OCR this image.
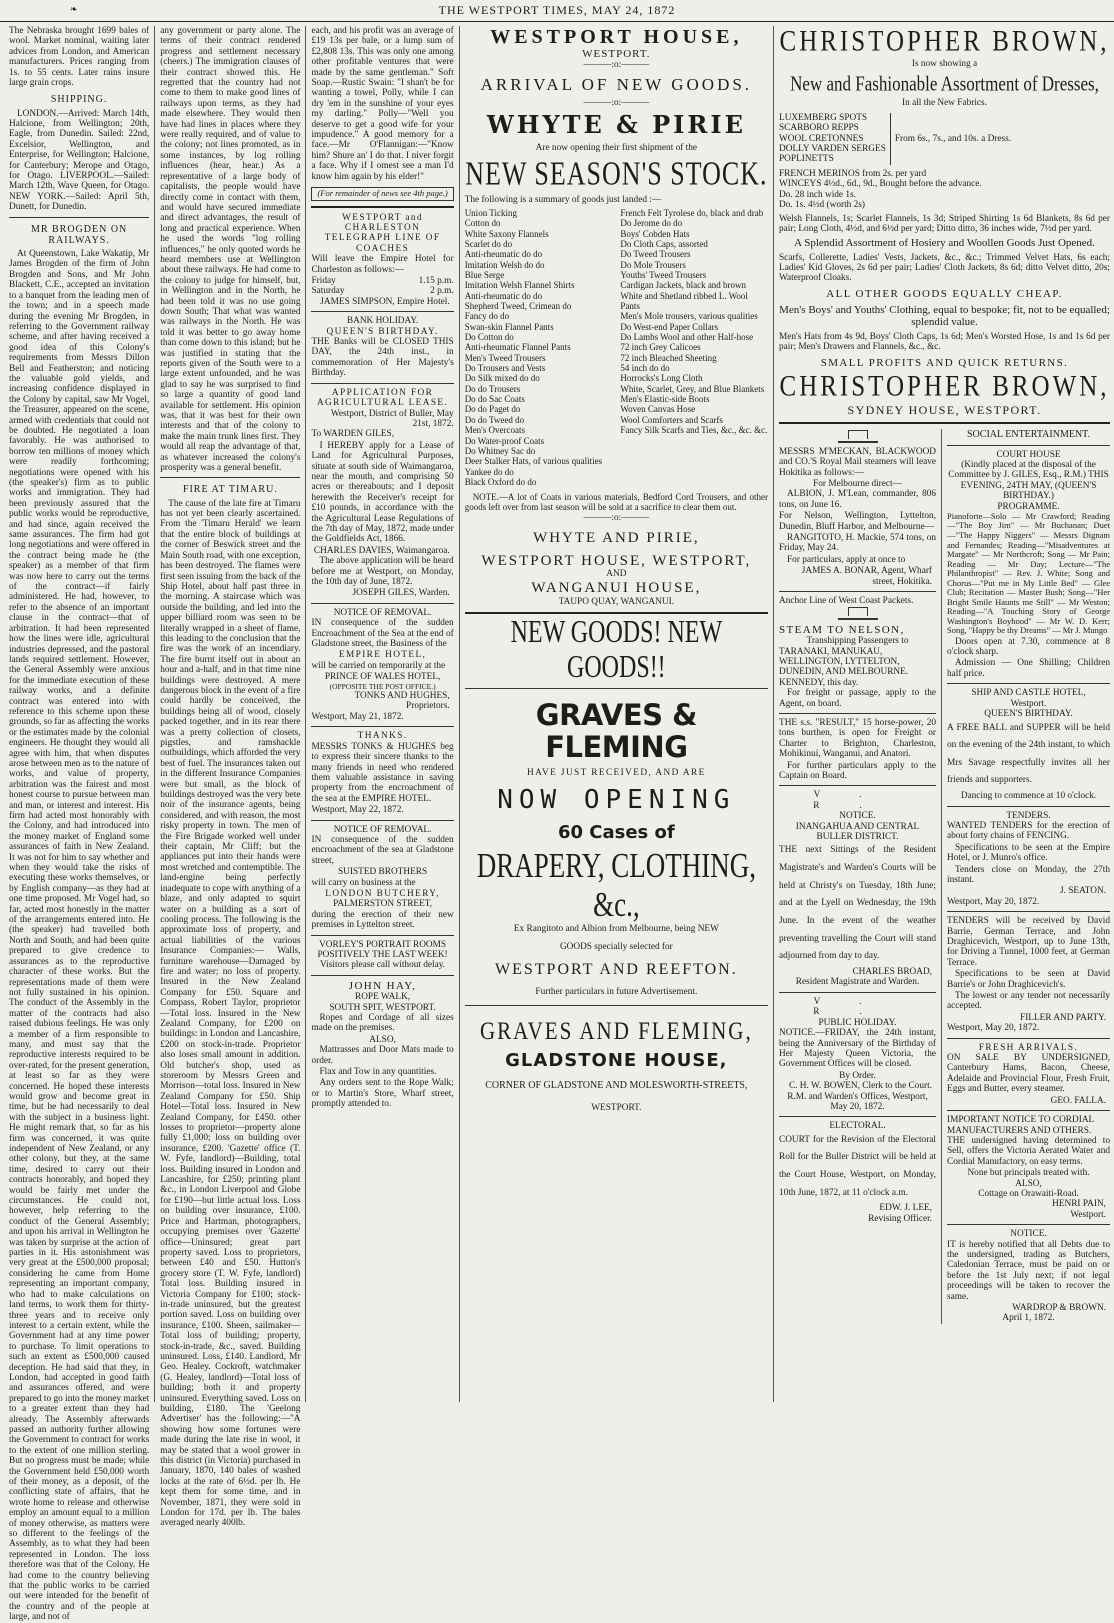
❧	THE WESTPORT TIMES, MAY 24, 1872

The Nebraska brought 1699 bales of wool. Market nominal, waiting later advices from London, and American manufacturers. Prices ranging from 1s. to 55 cents. Later rains insure large grain crops.

SHIPPING.

LONDON.—Arrived: March 14th, Halcione, from Wellington; 20th, Eagle, from Dunedin. Sailed: 22nd, Excelsior, Wellington, and Enterprise, for Wellington; Halcione, for Canterbury; Merope and Otago, for Otago. LIVERPOOL.—Sailed: March 12th, Wave Queen, for Otago. NEW YORK.—Sailed: April 5th, Dunett, for Dunedin.

MR BROGDEN ON RAILWAYS.

At Queenstown, Lake Wakatip, Mr James Brogden of the firm of John Brogden and Sons, and Mr John Blackett, C.E., accepted an invitation to a banquet from the leading men of the town; and in a speech made during the evening Mr Brogden, in referring to the Government railway scheme, and after having received a good idea of this Colony's requirements from Messrs Dillon Bell and Featherston; and noticing the valuable gold yields, and increasing confidence displayed in the Colony by capital, saw Mr Vogel, the Treasurer, appeared on the scene, armed with credentials that could not be doubted. He negotiated a loan favorably. He was authorised to borrow ten millions of money which were readily forthcoming; negotiations were opened with his (the speaker's) firm as to public works and immigration. They had been previously assured that the public works would be reproductive, and had since, again received the same assurances. The firm had got long negotiations and were offered in the contract being made he (the speaker) as a member of that firm was now here to carry out the terms of the contract—if fairly administered. He had, however, to refer to the absence of an important clause in the contract—that of arbitration. It had been represented how the lines were idle, agricultural industries depressed, and the pastoral lands required settlement. However, the General Assembly were anxious for the immediate execution of these railway works, and a definite contract was entered into with reference to this scheme upon these grounds, so far as affecting the works or the estimates made by the colonial engineers. He thought they would all agree with him, that when disputes arose between men as to the nature of works, and value of property, arbitration was the fairest and most honest course to pursue between man and man, or interest and interest. His firm had acted most honorably with the Colony, and had introduced into the money market of England some assurances of faith in New Zealand. It was not for him to say whether and when they would take the risks of executing these works themselves, or by English company—as they had at one time proposed. Mr Vogel had, so far, acted most honestly in the matter of the arrangements entered into. He (the speaker) had travelled both North and South, and had been quite prepared to give credence to assurances as to the reproductive character of these works. But the representations made of them were not fully sustained in his opinion. The conduct of the Assembly in the matter of the contracts had also raised dubious feelings. He was only a member of a firm responsible to many, and must say that the reproductive interests required to be over-rated, for the present generation, at least so far as they were concerned. He hoped these interests would grow and become great in time, but he had necessarily to deal with the subject in a business light. He might remark that, so far as his firm was concerned, it was quite independent of New Zealand, or any other colony, but they, at the same time, desired to carry out their contracts honorably, and hoped they would be fairly met under the circumstances. He could not, however, help referring to the conduct of the General Assembly; and upon his arrival in Wellington he was taken by surprise at the action of parties in it. His astonishment was very great at the £500,000 proposal; considering he came from Home representing an important company, who had to make calculations on land terms, to work them for thirty-three years and to receive only interest to a certain extent, while the Government had at any time power to purchase. To limit operations to such an extent as £500,000 caused deception. He had said that they, in London, had accepted in good faith and assurances offered, and were prepared to go into the money market to a greater extent than they had already. The Assembly afterwards passed an authority further allowing the Government to contract for works to the extent of one million sterling. But no progress must be made; while the Government held £50,000 worth of their money, as a deposit, of the conflicting state of affairs, that he wrote home to release and otherwise employ an amount equal to a million of money otherwise, as matters were so different to the feelings of the Assembly, as to what they had been represented in London. The loss therefore was that of the Colony. He had come to the country believing that the public works to be carried out were intended for the benefit of the country and of the people at large, and not of

any government or party alone. The terms of their contract rendered progress and settlement necessary (cheers.) The immigration clauses of their contract showed this. He regretted that the country had not come to them to make good lines of railways upon terms, as they had made elsewhere. They would then have had lines in places where they were really required, and of value to the colony; not lines promoted, as in some instances, by log rolling influences (hear, hear.) As a representative of a large body of capitalists, the people would have directly come in contact with them, and would have secured immediate and direct advantages, the result of long and practical experience. When he used the words "log rolling influences," he only quoted words he heard members use at Wellington about these railways. He had come to the colony to judge for himself, but, in Wellington and in the North, he had been told it was no use going down South; That what was wanted was railways in the North. He was told it was better to go away home than come down to this island; but he was justified in stating that the reports given of the South were to a large extent unfounded, and he was glad to say he was surprised to find so large a quantity of good land available for settlement. His opinion was, that it was best for their own interests and that of the colony to make the main trunk lines first. They would all reap the advantage of that, as whatever increased the colony's prosperity was a general benefit.

FIRE AT TIMARU.

The cause of the late fire at Timaru has not yet been clearly ascertained. From the 'Timaru Herald' we learn that the entire block of buildings at the corner of Beswick street and the Main South road, with one exception, has been destroyed. The flames were first seen issuing from the back of the Ship Hotel, about half past three in the morning. A staircase which was outside the building, and led into the upper billiard room was seen to be literally wrapped in a sheet of flame, this leading to the conclusion that the fire was the work of an incendiary. The fire burnt itself out in about an hour and a-half, and in that time nine buildings were destroyed. A mere dangerous block in the event of a fire could hardly be conceived, the buildings being all of wood, closely packed together, and in its rear there was a pretty collection of closets, pigstles, and ramshackle outbuildings, which afforded the very best of fuel. The insurances taken out in the different Insurance Companies were but small, as the block of buildings destroyed was the very bete noir of the insurance agents, being considered, and with reason, the most risky property in town. The men of the Fire Brigade worked well under their captain, Mr Cliff; but the appliances put into their hands were most wretched and contemptible. The land-engine being perfectly inadequate to cope with anything of a blaze, and only adapted to squirt water on a building as a sort of cooling process. The following is the approximate loss of property, and actual liabilities of the various Insurance Companies:— Walls, furniture warehouse—Damaged by fire and water; no loss of property. Insured in the New Zealand Company for £50. Square and Compass, Robert Taylor, proprietor—Total loss. Insured in the New Zealand Company, for £200 on buildings: in London and Lancashire, £200 on stock-in-trade. Proprietor also loses small amount in addition. Old butcher's shop, used as storeroom by Messrs Green and Morrison—total loss. Insured in New Zealand Company for £50. Ship Hotel—Total loss. Insured in New Zealand Company, for £450. other losses to proprietor—property alone fully £1,000; loss on building over insurance, £200. 'Gazette' office (T. W. Fyfe, landlord)—Building, total loss. Building insured in London and Lancashire, for £250; printing plant &c., in London Liverpool and Globe for £190—but little actual loss. Loss on building over insurance, £100. Price and Hartman, photographers, occupying premises over 'Gazette' office—Uninsured; great part property saved. Loss to proprietors, between £40 and £50. Hutton's grocery store (T. W. Fyfe, landlord) Total loss. Building insured in Victoria Company for £100; stock-in-trade uninsured, but the greatest portion saved. Loss on building over insurance, £100. Sheen, sailmaker—Total loss of building; property, stock-in-trade, &c., saved. Building uninsured. Loss, £140. Landlord, Mr Geo. Healey. Cockroft, watchmaker (G. Healey, landlord)—Total loss of building; both it and property uninsured. Everything saved. Loss on building, £180. The 'Geelong Advertiser' has the following:—"A showing how some fortunes were made during the late rise in wool, it may be stated that a wool grower in this district (in Victoria) purchased in January, 1870, 140 bales of washed locks at the rate of 6½d. per lb. He kept them for some time, and in November, 1871, they were sold in London for 17d. per lb. The bales averaged nearly 400lb.

each, and his profit was an average of £19 13s per bale, or a lump sum of £2,808 13s. This was only one among other profitable ventures that were made by the same gentleman." Soft Soap.—Rustic Swain: "I shan't be for wanting a towel, Polly, while I can dry 'em in the sunshine of your eyes my darling." Polly—"Well you deserve to get a good wife for your impudence." A good memory for a face.—Mr O'Flannigan:—"Know him? Shure an' I do that. I niver forgit a face. Why if I omest see a man I'd know him again by his elder!"

(For remainder of news see 4th page.)
WESTPORT and CHARLESTON TELEGRAPH LINE OF COACHES

Will leave the Empire Hotel for Charleston as follows:—

Friday	1.15 p.m.
Saturday	2 p.m.
JAMES SIMPSON, Empire Hotel.
BANK HOLIDAY.
QUEEN'S BIRTHDAY.

THE Banks will be CLOSED THIS DAY, the 24th inst., in commemoration of Her Majesty's Birthday.

APPLICATION FOR AGRICULTURAL LEASE.
Westport, District of Buller, May 21st, 1872.

To WARDEN GILES,

I HEREBY apply for a Lease of Land for Agricultural Purposes, situate at south side of Waimangaroa, near the mouth, and comprising 50 acres or thereabouts; and I deposit herewith the Receiver's receipt for £10 pounds, in accordance with the the Agricultural Lease Regulations of the 7th day of May, 1872, made under the Goldfields Act, 1866.

CHARLES DAVIES, Waimangaroa.

The above application will be heard before me at Westport, on Monday, the 10th day of June, 1872.

JOSEPH GILES, Warden.
NOTICE OF REMOVAL.

IN consequence of the sudden Encroachment of the Sea at the end of Gladstone street, the Business of the

EMPIRE HOTEL,

will be carried on temporarily at the

PRINCE OF WALES HOTEL,
(OPPOSITE THE POST OFFICE.)
TONKS AND HUGHES, Proprietors.

Westport, May 21, 1872.

THANKS.

MESSRS TONKS & HUGHES beg to express their sincere thanks to the many friends in need who rendered them valuable assistance in saving property from the encroachment of the sea at the EMPIRE HOTEL.

Westport, May 22, 1872.

NOTICE OF REMOVAL.

IN consequence of the sudden encroachment of the sea at Gladstone street,

SUISTED BROTHERS

will carry on business at the

LONDON BUTCHERY,
PALMERSTON STREET,

during the erection of their new premises in Lyttelton street.

VORLEY'S PORTRAIT ROOMS
POSITIVELY THE LAST WEEK!
Visitors please call without delay.
JOHN HAY,
ROPE WALK,
SOUTH SPIT, WESTPORT.

Ropes and Cordage of all sizes made on the premises.

ALSO,

Mattrasses and Door Mats made to order.

Flax and Tow in any quantities.

Any orders sent to the Rope Walk; or to Martin's Store, Wharf street, promptly attended to.

WESTPORT HOUSE,
WESTPORT.
———:o:———
ARRIVAL OF NEW GOODS.
———:o:———
WHYTE & PIRIE
Are now opening their first shipment of the
NEW SEASON'S STOCK.

The following is a summary of goods just landed :—

Union Ticking
Cotton do
White Saxony Flannels
Scarlet do do
Anti-rheumatic do do
Imitation Welsh do do
Blue Serge
Imitation Welsh Flannel Shirts
Anti-rheumatic do do
Shepherd Tweed, Crimean do
Fancy do do
Swan-skin Flannel Pants
Do Cotton do
Anti-rheumatic Flannel Pants
Men's Tweed Trousers
Do Trousers and Vests
Do Silk mixed do do
Do do Trousers
Do do Sac Coats
Do do Paget do
Do do Tweed do
Men's Overcoats
Do Water-proof Coats
Do Whitney Sac do
Deer Stalker Hats, of various qualities
Yankee do do
Black Oxford do do
French Felt Tyrolese do, black and drab
Do Jerome do do
Boys' Cobden Hats
Do Cloth Caps, assorted
Do Tweed Trousers
Do Mole Trousers
Youths' Tweed Trousers
Cardigan Jackets, black and brown
White and Shetland ribbed L. Wool Pants
Men's Mole trousers, various qualities
Do West-end Paper Collars
Do Lambs Wool and other Half-hose
72 inch Grey Calicoes
72 inch Bleached Sheeting
54 inch do do
Horrocks's Long Cloth
White, Scarlet, Grey, and Blue Blankets
Men's Elastic-side Boots
Woven Canvas Hose
Wool Comforters and Scarfs
Fancy Silk Scarfs and Ties, &c., &c. &c.

NOTE.—A lot of Coats in various materials, Bedford Cord Trousers, and other goods left over from last season will be sold at a sacrifice to clear them out.

———:o:———
WHYTE AND PIRIE,
WESTPORT HOUSE, WESTPORT,
AND
WANGANUI HOUSE,
TAUPO QUAY, WANGANUI.
NEW GOODS! NEW GOODS!!
GRAVES & FLEMING
HAVE JUST RECEIVED, AND ARE
NOW OPENING
60 Cases of
DRAPERY, CLOTHING, &c.,
Ex Rangitoto and Albion from Melbourne, being NEW
GOODS specially selected for
WESTPORT AND REEFTON.
Further particulars in future Advertisement.
GRAVES AND FLEMING,
GLADSTONE HOUSE,
CORNER OF GLADSTONE AND MOLESWORTH-STREETS,
WESTPORT.
CHRISTOPHER BROWN,
Is now showing a
New and Fashionable Assortment of Dresses,
In all the New Fabrics.
LUXEMBERG SPOTS
SCARBORO REPPS
WOOL CRETONNES
DOLLY VARDEN SERGES
POPLINETTS
From 6s., 7s., and 10s. a Dress.
FRENCH MERINOS from 2s. per yard
WINCEYS 4½d., 6d., 9d., Bought before the advance.
Do. 28 inch wide 1s.
Do. 1s. 4½d (worth 2s)

Welsh Flannels, 1s; Scarlet Flannels, 1s 3d; Striped Shirting 1s 6d Blankets, 8s 6d per pair; Long Cloth, 4½d, and 6½d per yard; Ditto ditto, 36 inches wide, 7½d per yard.

A Splendid Assortment of Hosiery and Woollen Goods Just Opened.

Scarfs, Collerette, Ladies' Vests, Jackets, &c., &c.; Trimmed Velvet Hats, 6s each; Ladies' Kid Gloves, 2s 6d per pair; Ladies' Cloth Jackets, 8s 6d; ditto Velvet ditto, 20s; Waterproof Cloaks.

ALL OTHER GOODS EQUALLY CHEAP.
Men's Boys' and Youths' Clothing, equal to bespoke; fit, not to be equalled; splendid value.

Men's Hats from 4s 9d, Boys' Cloth Caps, 1s 6d; Men's Worsted Hose, 1s and 1s 6d per pair; Men's Drawers and Flannels, &c., &c.

SMALL PROFITS AND QUICK RETURNS.
CHRISTOPHER BROWN,
SYDNEY HOUSE, WESTPORT.

MESSRS M'MECKAN, BLACKWOOD and CO.'S Royal Mail steamers will leave Hokitika as follows:—

For Melbourne direct—

ALBION, J. M'Lean, commander, 806 tons, on June 16.

For Nelson, Wellington, Lyttelton, Dunedin, Bluff Harbor, and Melbourne—

RANGITOTO, H. Mackie, 574 tons, on Friday, May 24.

For particulars, apply at once to

JAMES A. BONAR, Agent, Wharf street, Hokitika.
Anchor Line of West Coast Packets.
STEAM TO NELSON,
Transhipping Passengers to
TARANAKI, MANUKAU, WELLINGTON, LYTTELTON, DUNEDIN, AND MELBOURNE.
KENNEDY, this day.

For freight or passage, apply to the Agent, on board.

THE s.s. "RESULT," 15 horse-power, 20 tons burthen, is open for Freight or Charter to Brighton, Charleston, Mohikinui, Wanganui, and Anatori.

For further particulars apply to the Captain on Board.

V. R.
NOTICE.
INANGAHUA AND CENTRAL BULLER DISTRICT.

THE next Sittings of the Resident Magistrate's and Warden's Courts will be held at Christy's on Tuesday, 18th June; and at the Lyell on Wednesday, the 19th June. In the event of the weather preventing travelling the Court will stand adjourned from day to day.

CHARLES BROAD,
Resident Magistrate and Warden.
V. R.
PUBLIC HOLIDAY.

NOTICE.—FRIDAY, the 24th instant, being the Anniversary of the Birthday of Her Majesty Queen Victoria, the Government Offices will be closed.

By Order.
C. H. W. BOWEN, Clerk to the Court.
R.M. and Warden's Offices, Westport, May 20, 1872.
ELECTORAL.

COURT for the Revision of the Electoral Roll for the Buller District will be held at the Court House, Westport, on Monday, 10th June, 1872, at 11 o'clock a.m.

EDW. J. LEE,
Revising Officer.
SOCIAL ENTERTAINMENT.
COURT HOUSE
(Kindly placed at the disposal of the Committee by J. GILES, Esq., R.M.) THIS EVENING, 24TH MAY, (QUEEN'S BIRTHDAY.)
PROGRAMME.

Pianoforte—Solo — Mr Crawford; Reading—"The Boy Jim" — Mr Buchanan; Duet—"The Happy Niggers" — Messrs Dignam and Fernandes; Reading—"Misadventures at Margate" — Mr Northcroft; Song — Mr Pain; Reading — Mr Day; Lecture—"The Philanthropist" — Rev. J. White; Song and Chorus—"Put me in My Little Bed" — Glee Club; Recitation — Master Bush; Song—"Her Bright Smile Haunts me Still" — Mr Weston; Reading—"A Touching Story of George Washington's Boyhood" — Mr W. D. Kerr; Song, "Happy be thy Dreams" — Mr J. Mungo

Doors open at 7.30, commence at 8 o'clock sharp.

Admission — One Shilling; Children half price.

SHIP AND CASTLE HOTEL,
Westport.
QUEEN'S BIRTHDAY.

A FREE BALL and SUPPER will be held on the evening of the 24th instant, to which Mrs Savage respectfully invites all her friends and supporters.

Dancing to commence at 10 o'clock.
TENDERS.

WANTED TENDERS for the erection of about forty chains of FENCING.

Specifications to be seen at the Empire Hotel, or J. Munro's office.

Tenders close on Monday, the 27th instant.

J. SEATON.
Westport, May 20, 1872.

TENDERS will be received by David Barrie, German Terrace, and John Draghicevich, Westport, up to June 13th, for Driving a Tunnel, 1000 feet, at German Terrace.

Specifications to be seen at David Barrie's or John Draghicevich's.

The lowest or any tender not necessarily accepted.

FILLER AND PARTY.
Westport, May 20, 1872.
FRESH ARRIVALS.

ON SALE BY UNDERSIGNED, Canterbury Hams, Bacon, Cheese, Adelaide and Provincial Flour, Fresh Fruit, Eggs and Butter, every steamer.

GEO. FALLA.
IMPORTANT NOTICE TO CORDIAL MANUFACTURERS AND OTHERS.

THE undersigned having determined to Sell, offers the Victoria Aerated Water and Cordial Manufactory, on easy terms.

None but principals treated with.
ALSO,
Cottage on Orawaiti-Road.
HENRI PAIN,
Westport.
NOTICE.

IT is hereby notified that all Debts due to the undersigned, trading as Butchers, Caledonian Terrace, must be paid on or before the 1st July next; if not legal proceedings will be taken to recover the same.

WARDROP & BROWN.
April 1, 1872.
